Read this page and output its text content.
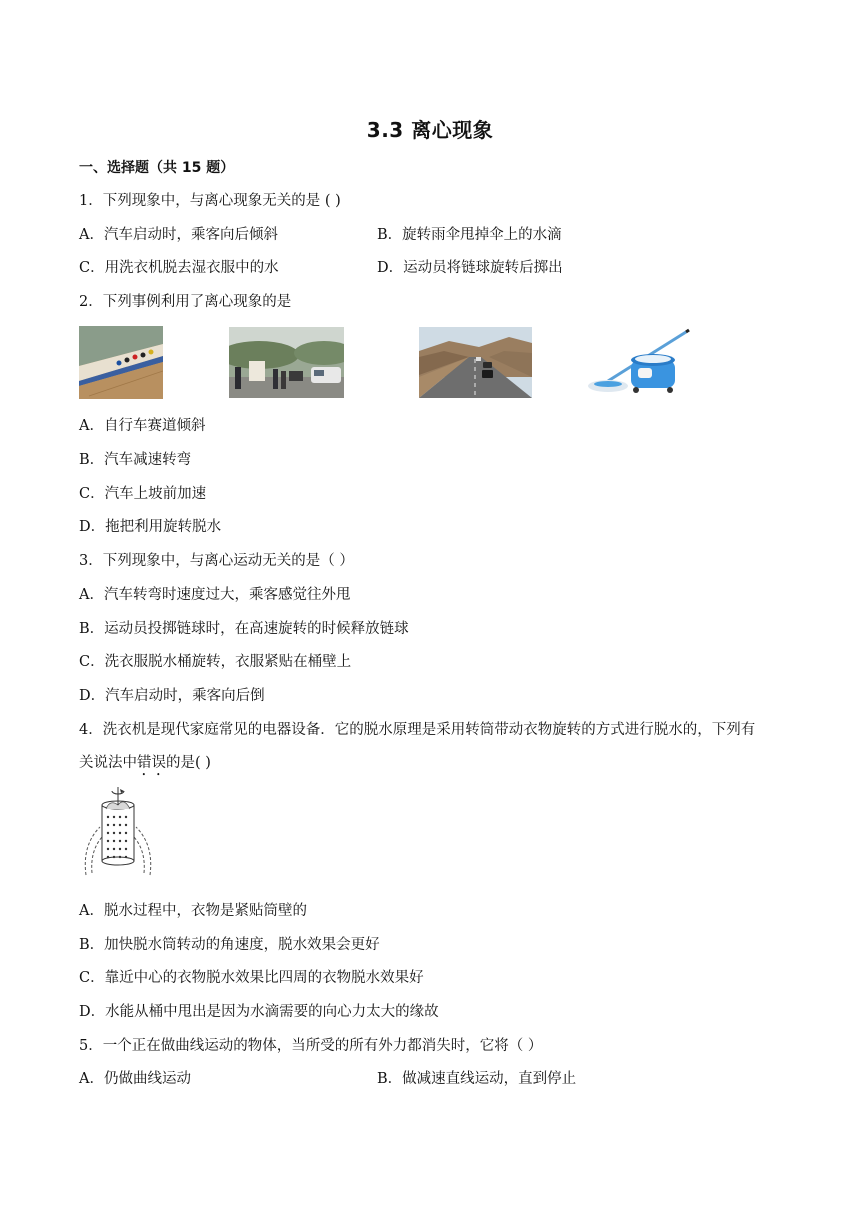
3.3 离心现象
一、选择题（共 15 题）
1．下列现象中，与离心现象无关的是 ( )
A．汽车启动时，乘客向后倾斜	B．旋转雨伞甩掉伞上的水滴
C．用洗衣机脱去湿衣服中的水	D．运动员将链球旋转后掷出
2．下列事例利用了离心现象的是
A．自行车赛道倾斜
B．汽车减速转弯
C．汽车上坡前加速
D．拖把利用旋转脱水
3．下列现象中，与离心运动无关的是（ ）
A．汽车转弯时速度过大，乘客感觉往外甩
B．运动员投掷链球时，在高速旋转的时候释放链球
C．洗衣服脱水桶旋转，衣服紧贴在桶壁上
D．汽车启动时，乘客向后倒
4．洗衣机是现代家庭常见的电器设备．它的脱水原理是采用转筒带动衣物旋转的方式进行脱水的，下列有
关说法中错误的是( )
A．脱水过程中，衣物是紧贴筒壁的
B．加快脱水筒转动的角速度，脱水效果会更好
C．靠近中心的衣物脱水效果比四周的衣物脱水效果好
D．水能从桶中甩出是因为水滴需要的向心力太大的缘故
5．一个正在做曲线运动的物体，当所受的所有外力都消失时，它将（ ）
A．仍做曲线运动	B．做减速直线运动，直到停止
